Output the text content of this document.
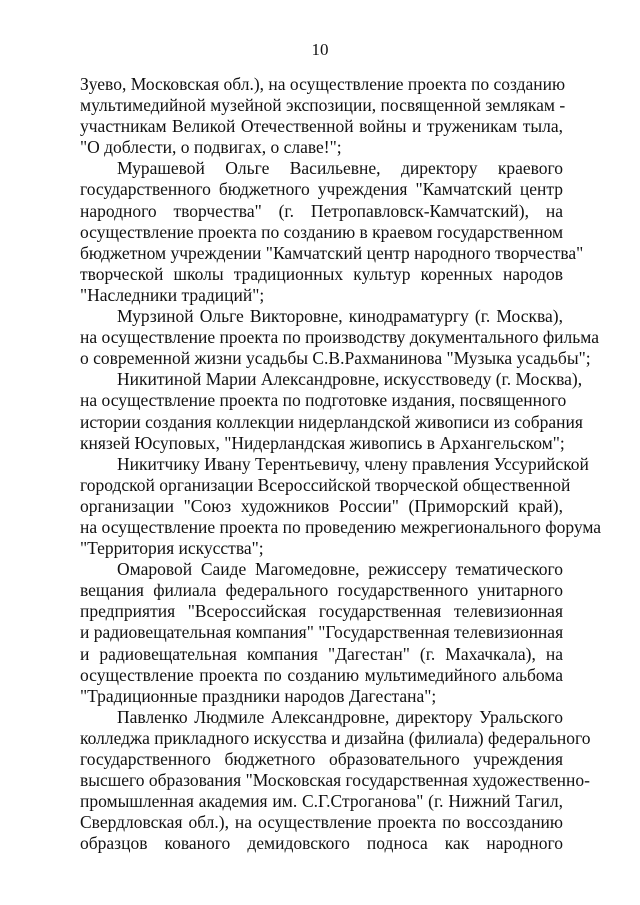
10

Зуево, Московская обл.), на осуществление проекта по созданию
мультимедийной музейной экспозиции, посвященной землякам -
участникам Великой Отечественной войны и труженикам тыла,
"О доблести, о подвигах, о славе!";

Мурашевой Ольге Васильевне, директору краевого
государственного бюджетного учреждения "Камчатский центр
народного творчества" (г. Петропавловск-Камчатский), на
осуществление проекта по созданию в краевом государственном
бюджетном учреждении "Камчатский центр народного творчества"
творческой школы традиционных культур коренных народов
"Наследники традиций";

Мурзиной Ольге Викторовне, кинодраматургу (г. Москва),
на осуществление проекта по производству документального фильма
о современной жизни усадьбы С.В.Рахманинова "Музыка усадьбы";

Никитиной Марии Александровне, искусствоведу (г. Москва),
на осуществление проекта по подготовке издания, посвященного
истории создания коллекции нидерландской живописи из собрания
князей Юсуповых, "Нидерландская живопись в Архангельском";

Никитчику Ивану Терентьевичу, члену правления Уссурийской
городской организации Всероссийской творческой общественной
организации "Союз художников России" (Приморский край),
на осуществление проекта по проведению межрегионального форума
"Территория искусства";

Омаровой Саиде Магомедовне, режиссеру тематического
вещания филиала федерального государственного унитарного
предприятия "Всероссийская государственная телевизионная
и радиовещательная компания" "Государственная телевизионная
и радиовещательная компания "Дагестан" (г. Махачкала), на
осуществление проекта по созданию мультимедийного альбома
"Традиционные праздники народов Дагестана";

Павленко Людмиле Александровне, директору Уральского
колледжа прикладного искусства и дизайна (филиала) федерального
государственного бюджетного образовательного учреждения
высшего образования "Московская государственная художественно-
промышленная академия им. С.Г.Строганова" (г. Нижний Тагил,
Свердловская обл.), на осуществление проекта по воссозданию
образцов кованого демидовского подноса как народного
